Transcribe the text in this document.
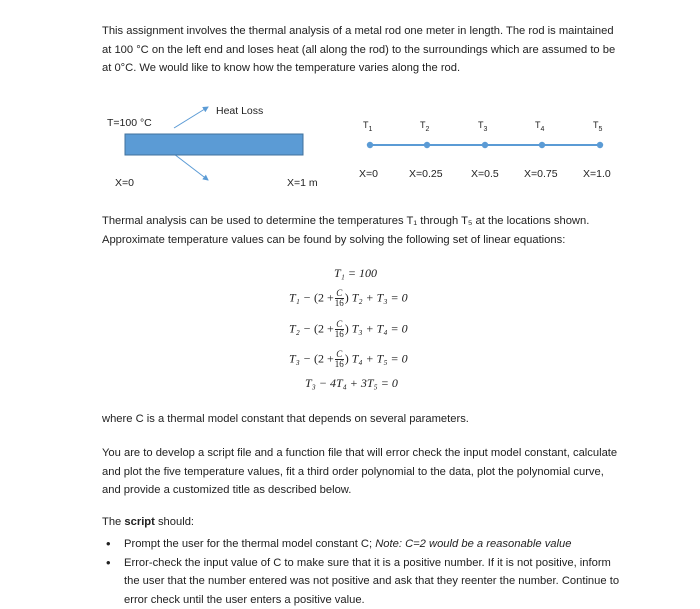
This assignment involves the thermal analysis of a metal rod one meter in length. The rod is maintained at 100 °C on the left end and loses heat (all along the rod) to the surroundings which are assumed to be at 0°C. We would like to know how the temperature varies along the rod.

Heat Loss
T=100 °C
X=0	X=1 m
$T_1$	$T_2$	$T_3$	$T_4$	$T_5$
X=0	X=0.25	X=0.5 X=0.75 X=1.0

Thermal analysis can be used to determine the temperatures T₁ through T₅ at the locations shown. Approximate temperature values can be found by solving the following set of linear equations:

T₁ = 100
$T_1 - (2 + \frac{C}{16}$ ) T₂ + T₃ = 0
$T_2 - (2 + \frac{C}{16}$ ) T₃ + T₄ = 0
$T_3 - (2 + \frac{C}{16}$ ) T₄ + T₅ = 0
T₃ − 4T₄ + 3T₅ = 0

where C is a thermal model constant that depends on several parameters.

You are to develop a script file and a function file that will error check the input model constant, calculate and plot the five temperature values, fit a third order polynomial to the data, plot the polynomial curve, and provide a customized title as described below.

The script should:
• Prompt the user for the thermal model constant C; Note: C=2 would be a reasonable value
• Error-check the input value of C to make sure that it is a positive number. If it is not positive, inform the user that the number entered was not positive and ask that they reenter the number. Continue to error check until the user enters a positive value.
